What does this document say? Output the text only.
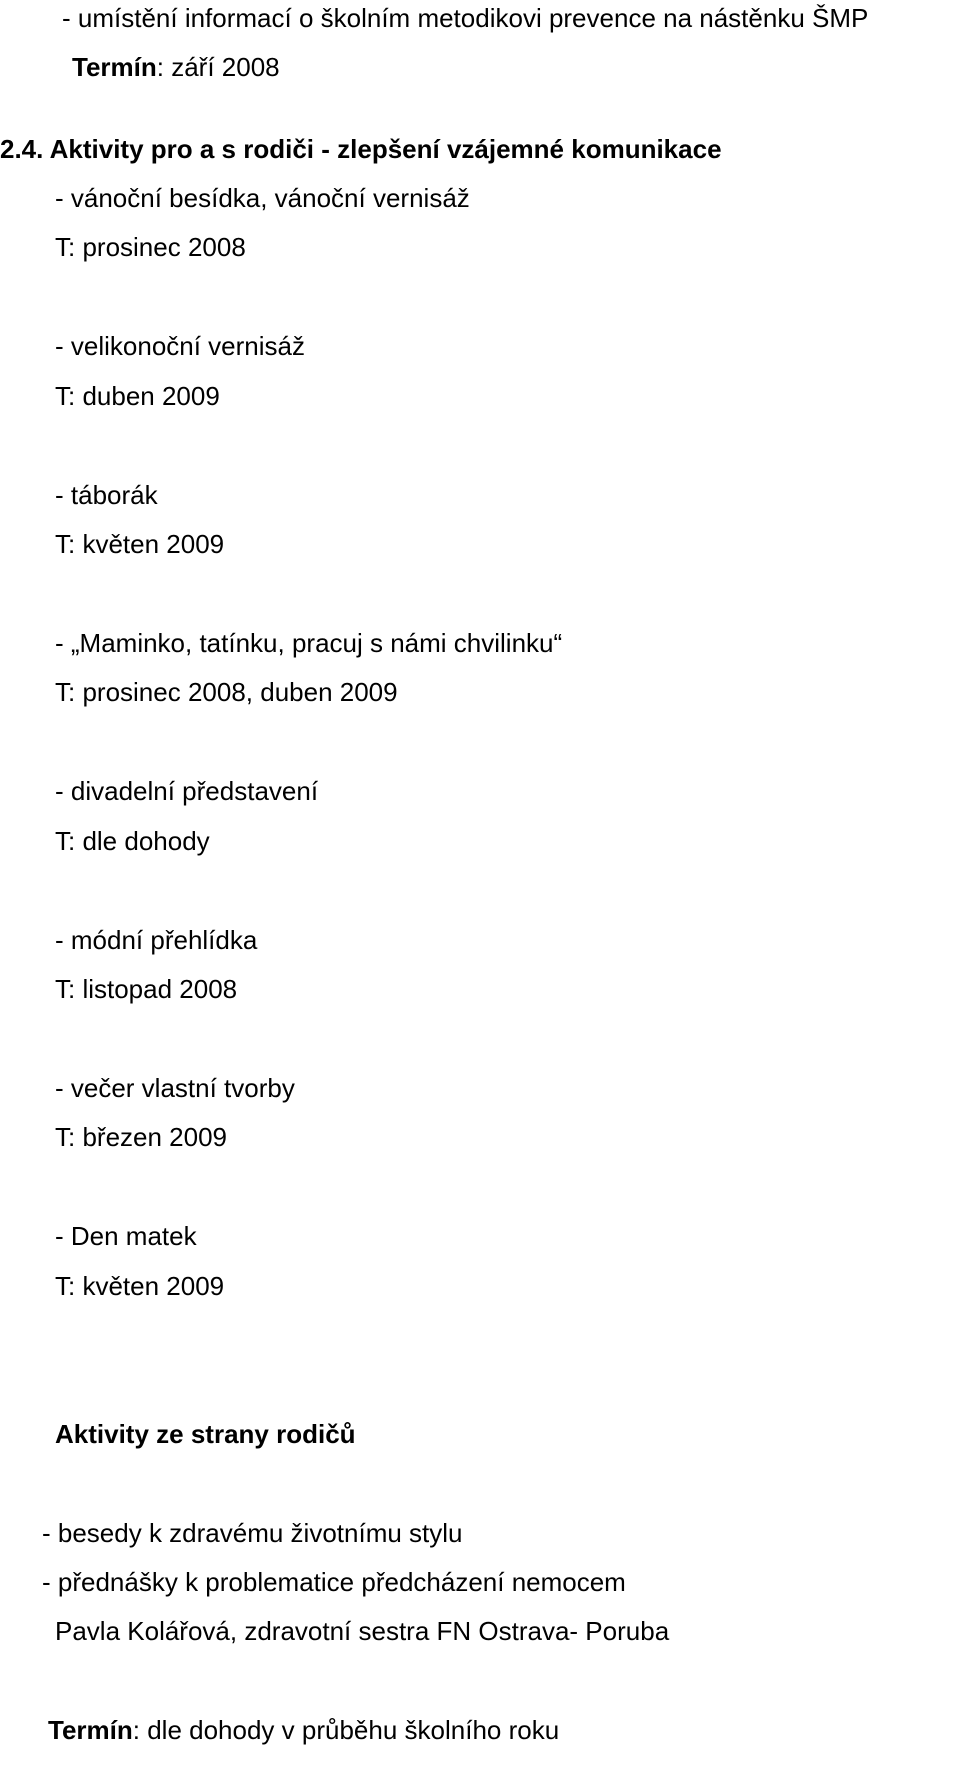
- umístění informací o školním metodikovi prevence na nástěnku ŠMP
Termín: září 2008
2.4. Aktivity pro a s rodiči - zlepšení vzájemné komunikace
- vánoční besídka, vánoční vernisáž
T: prosinec 2008
- velikonoční vernisáž
T: duben 2009
- táborák
T: květen 2009
- „Maminko, tatínku, pracuj s námi chvilinku“
T: prosinec 2008, duben 2009
- divadelní představení
T: dle dohody
- módní přehlídka
T: listopad 2008
- večer vlastní tvorby
T: březen 2009
- Den matek
T: květen 2009
Aktivity ze strany rodičů
- besedy k zdravému životnímu stylu
- přednášky k problematice předcházení nemocem
Pavla Kolářová, zdravotní sestra FN Ostrava- Poruba
Termín: dle dohody v průběhu školního roku
